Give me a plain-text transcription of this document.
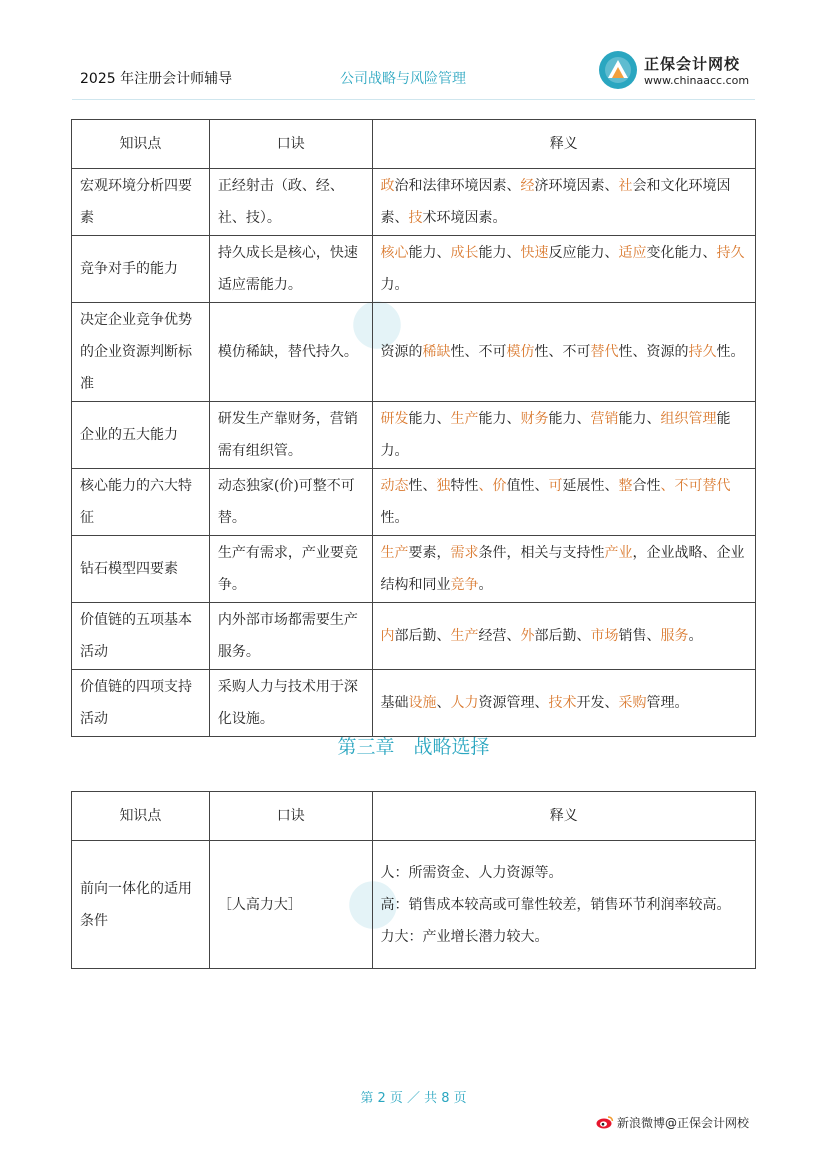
2025 年注册会计师辅导	公司战略与风险管理
正保会计网校
www.chinaacc.com
知识点	口诀	释义
宏观环境分析四要素	正经射击（政、经、社、技）。	政治和法律环境因素、经济环境因素、社会和文化环境因素、技术环境因素。
竞争对手的能力	持久成长是核心，快速适应需能力。	核心能力、成长能力、快速反应能力、适应变化能力、持久力。
决定企业竞争优势的企业资源判断标准	模仿稀缺，替代持久。	资源的稀缺性、不可模仿性、不可替代性、资源的持久性。
企业的五大能力	研发生产靠财务，营销需有组织管。	研发能力、生产能力、财务能力、营销能力、组织管理能力。
核心能力的六大特征	动态独家(价)可整不可替。	动态性、独特性、价值性、可延展性、整合性、不可替代性。
钻石模型四要素	生产有需求，产业要竞争。	生产要素，需求条件，相关与支持性产业，企业战略、企业结构和同业竞争。
价值链的五项基本活动	内外部市场都需要生产服务。	内部后勤、生产经营、外部后勤、市场销售、服务。
价值链的四项支持活动	采购人力与技术用于深化设施。	基础设施、人力资源管理、技术开发、采购管理。
第三章　战略选择
知识点	口诀	释义
前向一体化的适用条件	［人高力大］	人：所需资金、人力资源等。
高：销售成本较高或可靠性较差，销售环节利润率较高。
力大：产业增长潜力较大。
第 2 页 ／ 共 8 页
新浪微博@正保会计网校
